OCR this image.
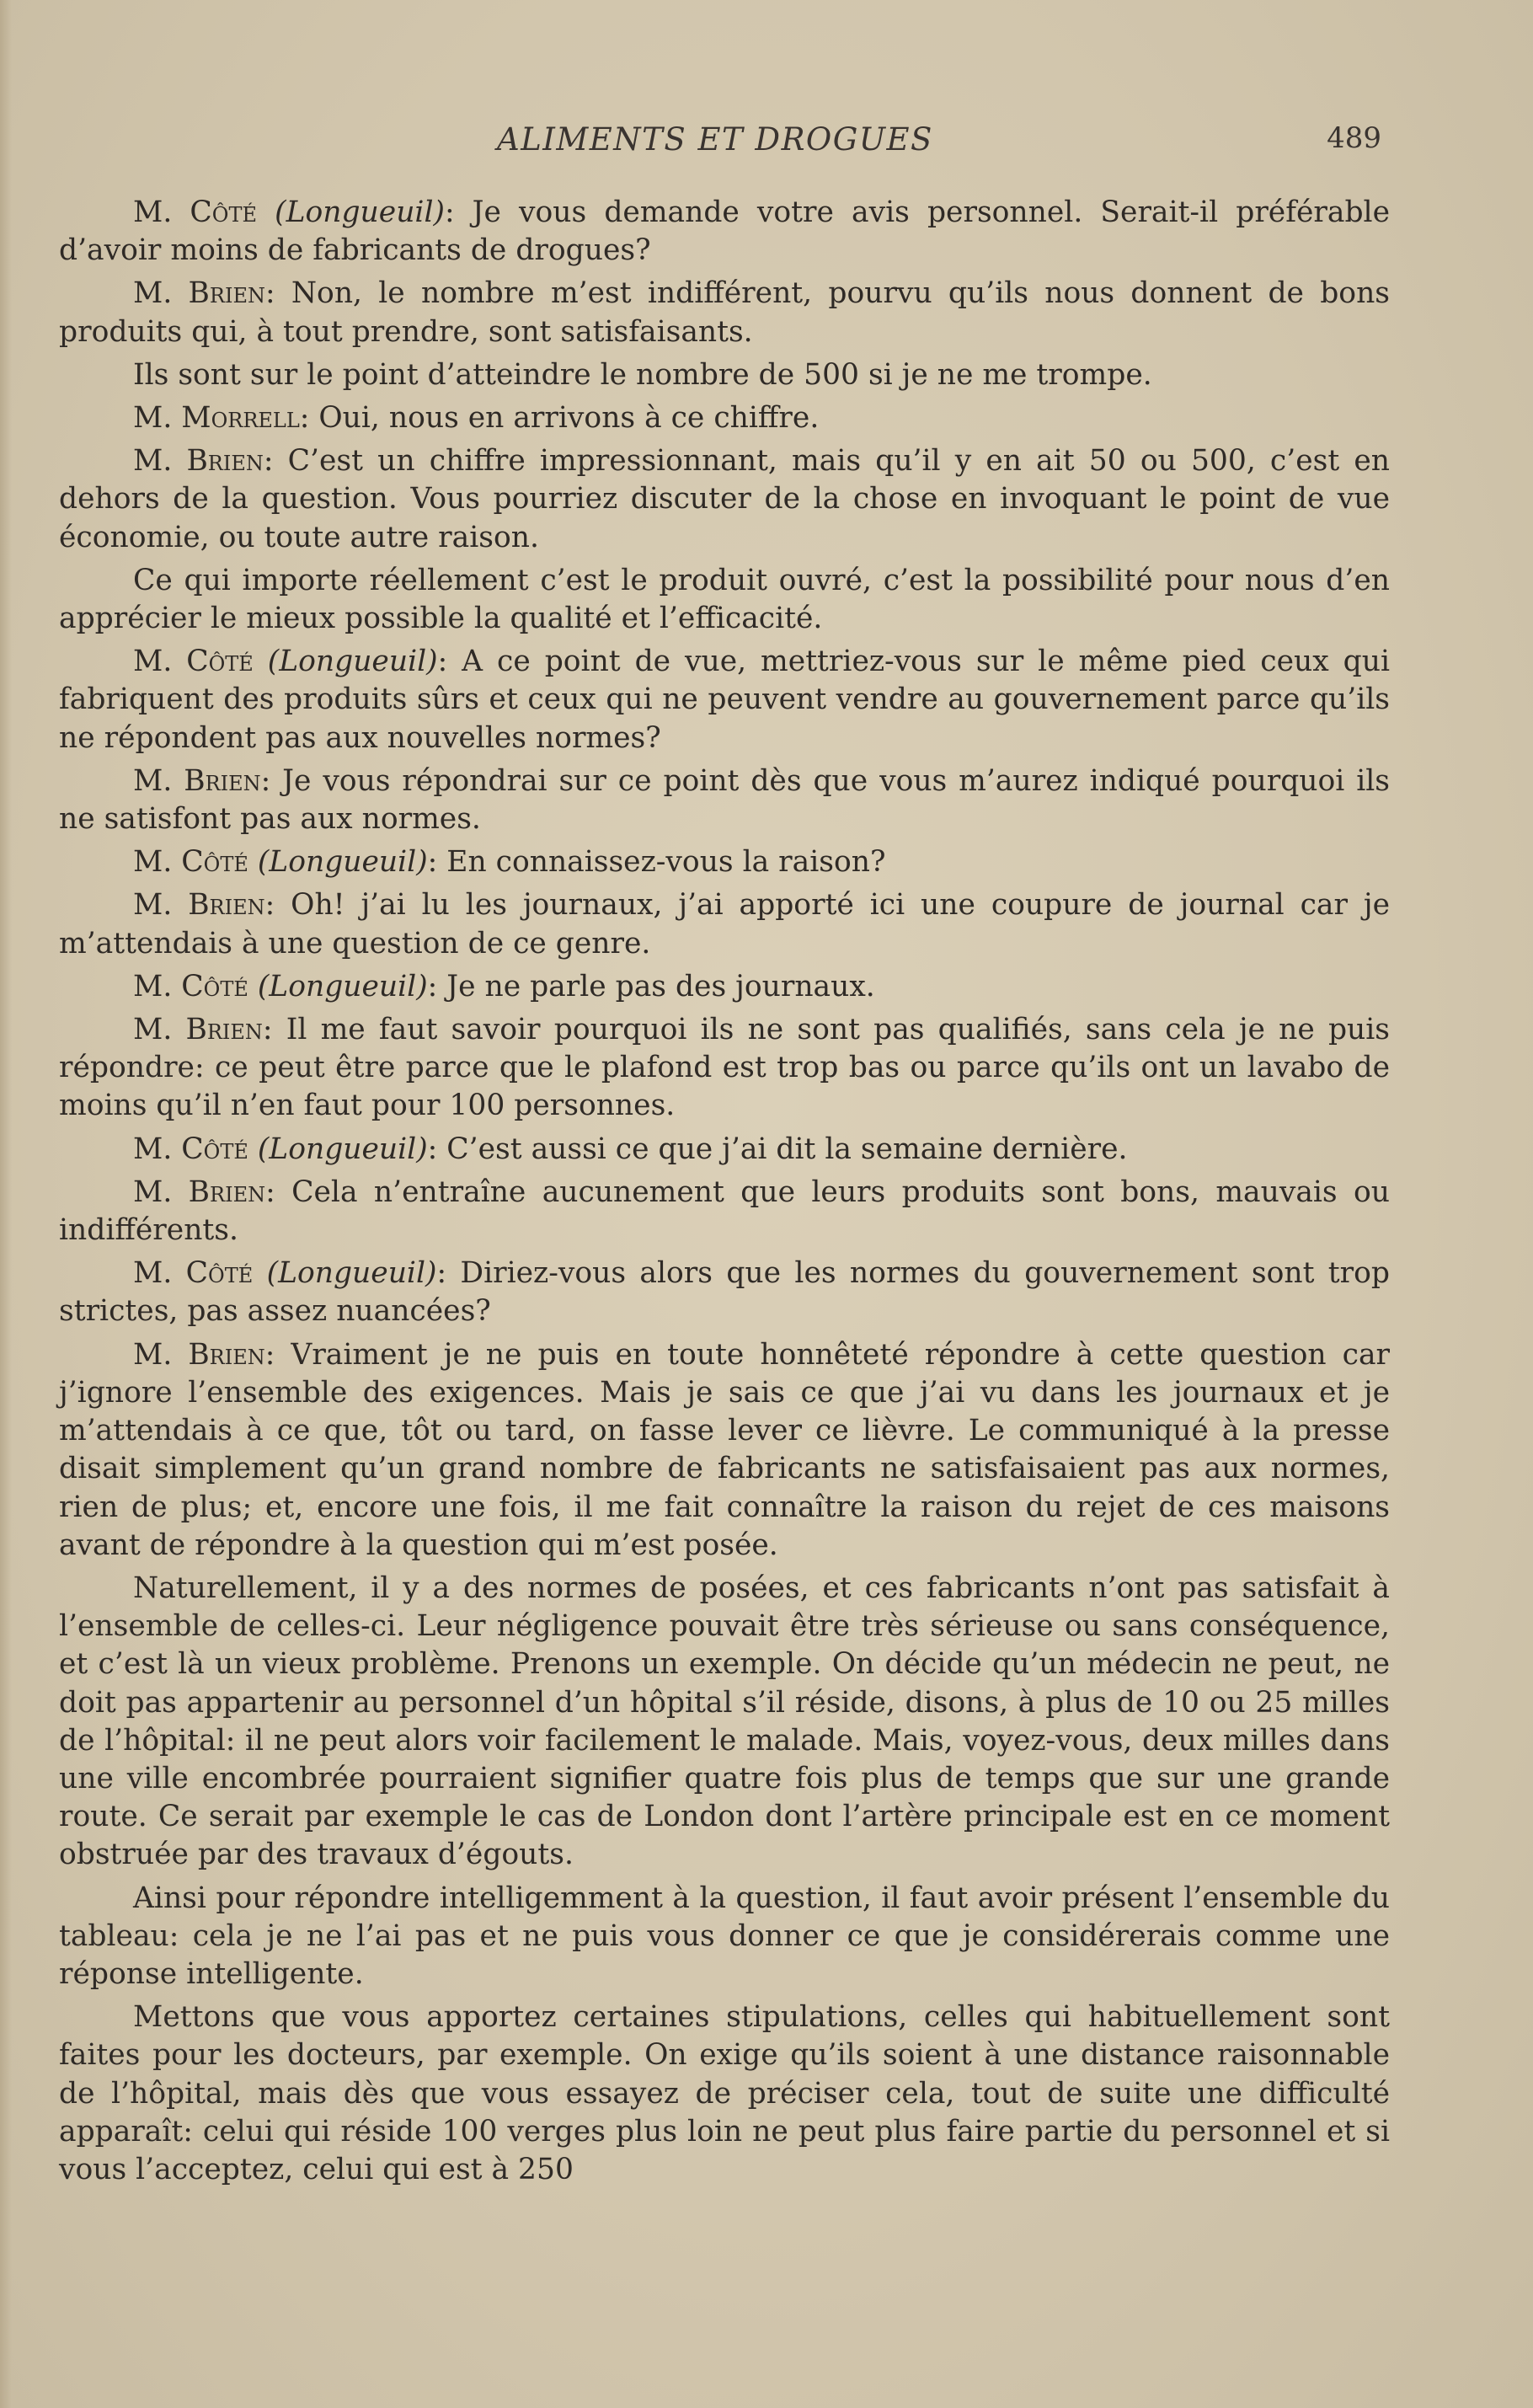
ALIMENTS ET DROGUES	489

M. Côté (Longueuil): Je vous demande votre avis personnel. Serait-il préférable d’avoir moins de fabricants de drogues?

M. Brien: Non, le nombre m’est indifférent, pourvu qu’ils nous donnent de bons produits qui, à tout prendre, sont satisfaisants.

Ils sont sur le point d’atteindre le nombre de 500 si je ne me trompe.

M. Morrell: Oui, nous en arrivons à ce chiffre.

M. Brien: C’est un chiffre impressionnant, mais qu’il y en ait 50 ou 500, c’est en dehors de la question. Vous pourriez discuter de la chose en invoquant le point de vue économie, ou toute autre raison.

Ce qui importe réellement c’est le produit ouvré, c’est la possibilité pour nous d’en apprécier le mieux possible la qualité et l’efficacité.

M. Côté (Longueuil): A ce point de vue, mettriez-vous sur le même pied ceux qui fabriquent des produits sûrs et ceux qui ne peuvent vendre au gouvernement parce qu’ils ne répondent pas aux nouvelles normes?

M. Brien: Je vous répondrai sur ce point dès que vous m’aurez indiqué pourquoi ils ne satisfont pas aux normes.

M. Côté (Longueuil): En connaissez-vous la raison?

M. Brien: Oh! j’ai lu les journaux, j’ai apporté ici une coupure de journal car je m’attendais à une question de ce genre.

M. Côté (Longueuil): Je ne parle pas des journaux.

M. Brien: Il me faut savoir pourquoi ils ne sont pas qualifiés, sans cela je ne puis répondre: ce peut être parce que le plafond est trop bas ou parce qu’ils ont un lavabo de moins qu’il n’en faut pour 100 personnes.

M. Côté (Longueuil): C’est aussi ce que j’ai dit la semaine dernière.

M. Brien: Cela n’entraîne aucunement que leurs produits sont bons, mauvais ou indifférents.

M. Côté (Longueuil): Diriez-vous alors que les normes du gouvernement sont trop strictes, pas assez nuancées?

M. Brien: Vraiment je ne puis en toute honnêteté répondre à cette question car j’ignore l’ensemble des exigences. Mais je sais ce que j’ai vu dans les journaux et je m’attendais à ce que, tôt ou tard, on fasse lever ce lièvre. Le communiqué à la presse disait simplement qu’un grand nombre de fabricants ne satisfaisaient pas aux normes, rien de plus; et, encore une fois, il me fait connaître la raison du rejet de ces maisons avant de répondre à la question qui m’est posée.

Naturellement, il y a des normes de posées, et ces fabricants n’ont pas satisfait à l’ensemble de celles-ci. Leur négligence pouvait être très sérieuse ou sans conséquence, et c’est là un vieux problème. Prenons un exemple. On décide qu’un médecin ne peut, ne doit pas appartenir au personnel d’un hôpital s’il réside, disons, à plus de 10 ou 25 milles de l’hôpital: il ne peut alors voir facilement le malade. Mais, voyez-vous, deux milles dans une ville encombrée pourraient signifier quatre fois plus de temps que sur une grande route. Ce serait par exemple le cas de London dont l’artère principale est en ce moment obstruée par des travaux d’égouts.

Ainsi pour répondre intelligemment à la question, il faut avoir présent l’ensemble du tableau: cela je ne l’ai pas et ne puis vous donner ce que je considérerais comme une réponse intelligente.

Mettons que vous apportez certaines stipulations, celles qui habituellement sont faites pour les docteurs, par exemple. On exige qu’ils soient à une distance raisonnable de l’hôpital, mais dès que vous essayez de préciser cela, tout de suite une difficulté apparaît: celui qui réside 100 verges plus loin ne peut plus faire partie du personnel et si vous l’acceptez, celui qui est à 250
